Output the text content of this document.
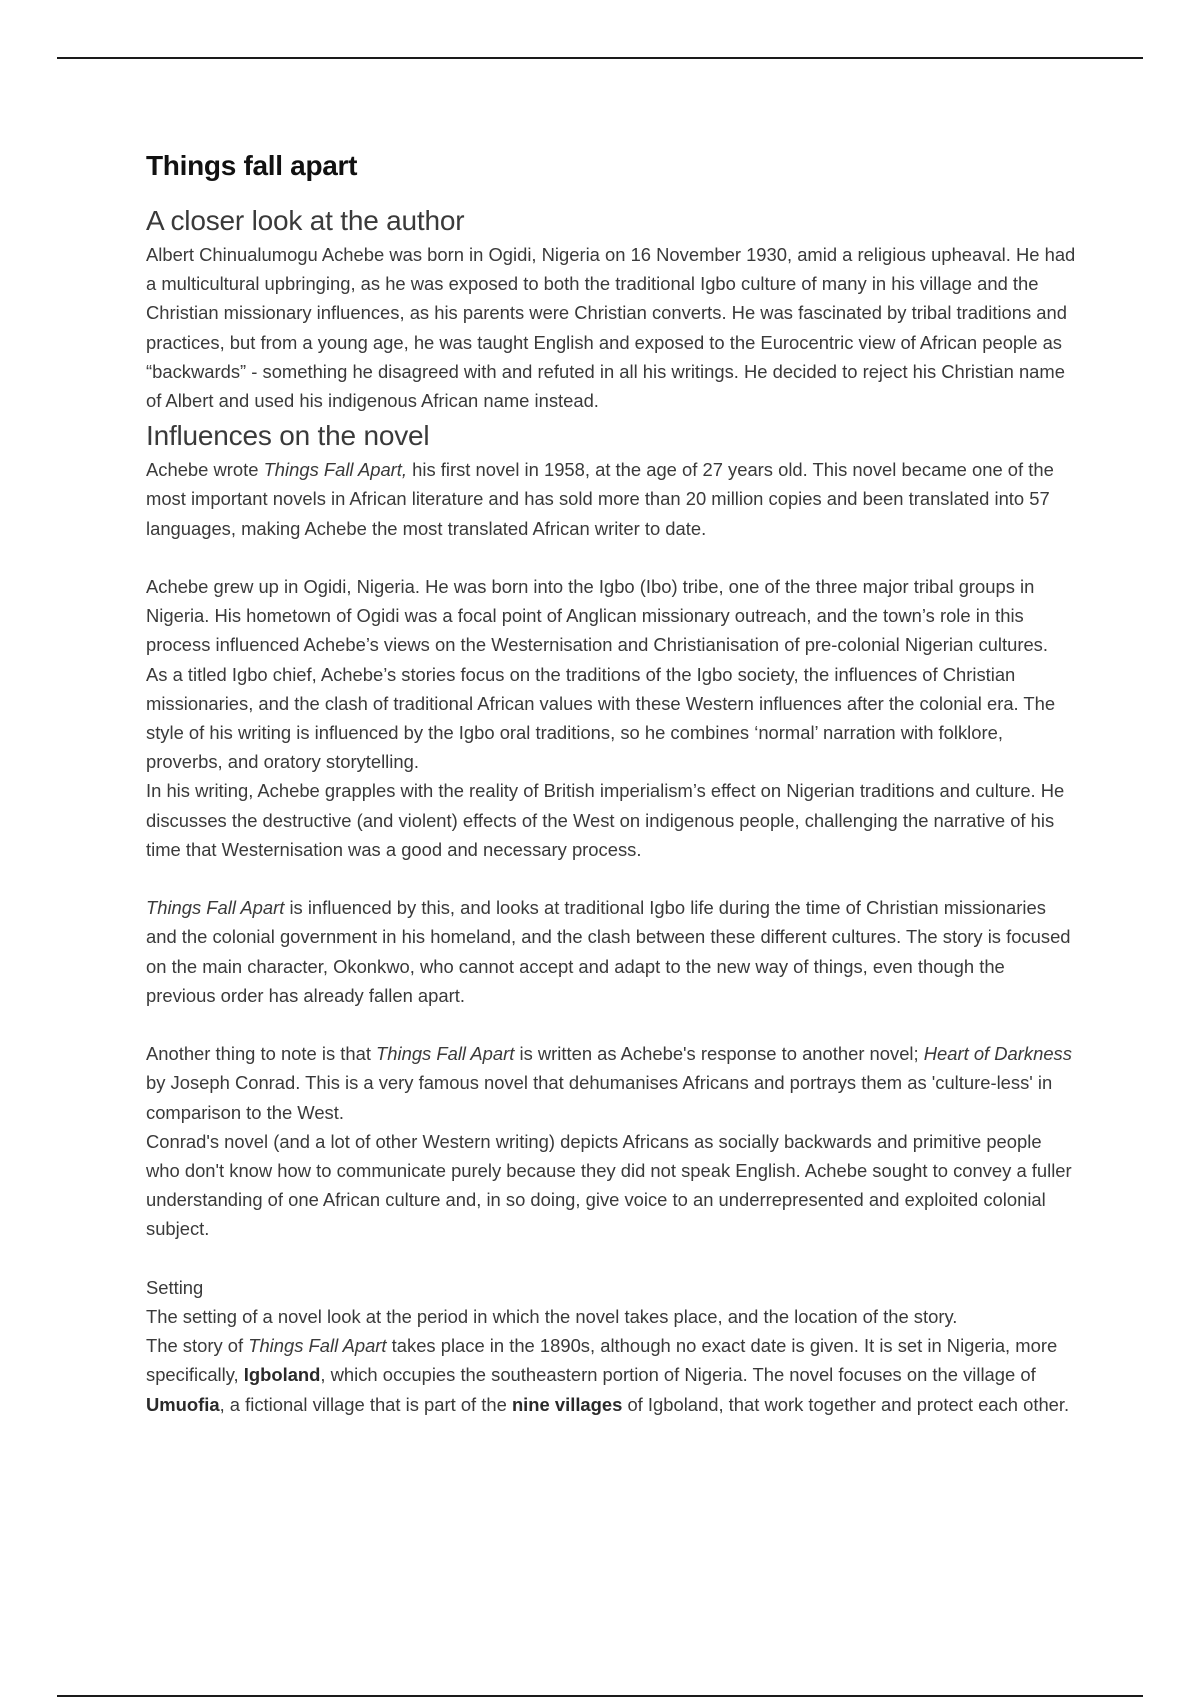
Things fall apart
A closer look at the author

Albert Chinualumogu Achebe was born in Ogidi, Nigeria on 16 November 1930, amid a religious upheaval. He had a multicultural upbringing, as he was exposed to both the traditional Igbo culture of many in his village and the Christian missionary influences, as his parents were Christian converts. He was fascinated by tribal traditions and practices, but from a young age, he was taught English and exposed to the Eurocentric view of African people as “backwards” - something he disagreed with and refuted in all his writings. He decided to reject his Christian name of Albert and used his indigenous African name instead.

Influences on the novel

Achebe wrote Things Fall Apart, his first novel in 1958, at the age of 27 years old. This novel became one of the most important novels in African literature and has sold more than 20 million copies and been translated into 57 languages, making Achebe the most translated African writer to date.

Achebe grew up in Ogidi, Nigeria. He was born into the Igbo (Ibo) tribe, one of the three major tribal groups in Nigeria. His hometown of Ogidi was a focal point of Anglican missionary outreach, and the town’s role in this process influenced Achebe’s views on the Westernisation and Christianisation of pre-colonial Nigerian cultures.

As a titled Igbo chief, Achebe’s stories focus on the traditions of the Igbo society, the influences of Christian missionaries, and the clash of traditional African values with these Western influences after the colonial era. The style of his writing is influenced by the Igbo oral traditions, so he combines ‘normal’ narration with folklore, proverbs, and oratory storytelling.

In his writing, Achebe grapples with the reality of British imperialism’s effect on Nigerian traditions and culture. He discusses the destructive (and violent) effects of the West on indigenous people, challenging the narrative of his time that Westernisation was a good and necessary process.

Things Fall Apart is influenced by this, and looks at traditional Igbo life during the time of Christian missionaries and the colonial government in his homeland, and the clash between these different cultures. The story is focused on the main character, Okonkwo, who cannot accept and adapt to the new way of things, even though the previous order has already fallen apart.

Another thing to note is that Things Fall Apart is written as Achebe's response to another novel; Heart of Darkness by Joseph Conrad. This is a very famous novel that dehumanises Africans and portrays them as 'culture-less' in comparison to the West.

Conrad's novel (and a lot of other Western writing) depicts Africans as socially backwards and primitive people who don't know how to communicate purely because they did not speak English. Achebe sought to convey a fuller understanding of one African culture and, in so doing, give voice to an underrepresented and exploited colonial subject.

Setting

The setting of a novel look at the period in which the novel takes place, and the location of the story.

The story of Things Fall Apart takes place in the 1890s, although no exact date is given. It is set in Nigeria, more specifically, Igboland, which occupies the southeastern portion of Nigeria. The novel focuses on the village of Umuofia, a fictional village that is part of the nine villages of Igboland, that work together and protect each other.
